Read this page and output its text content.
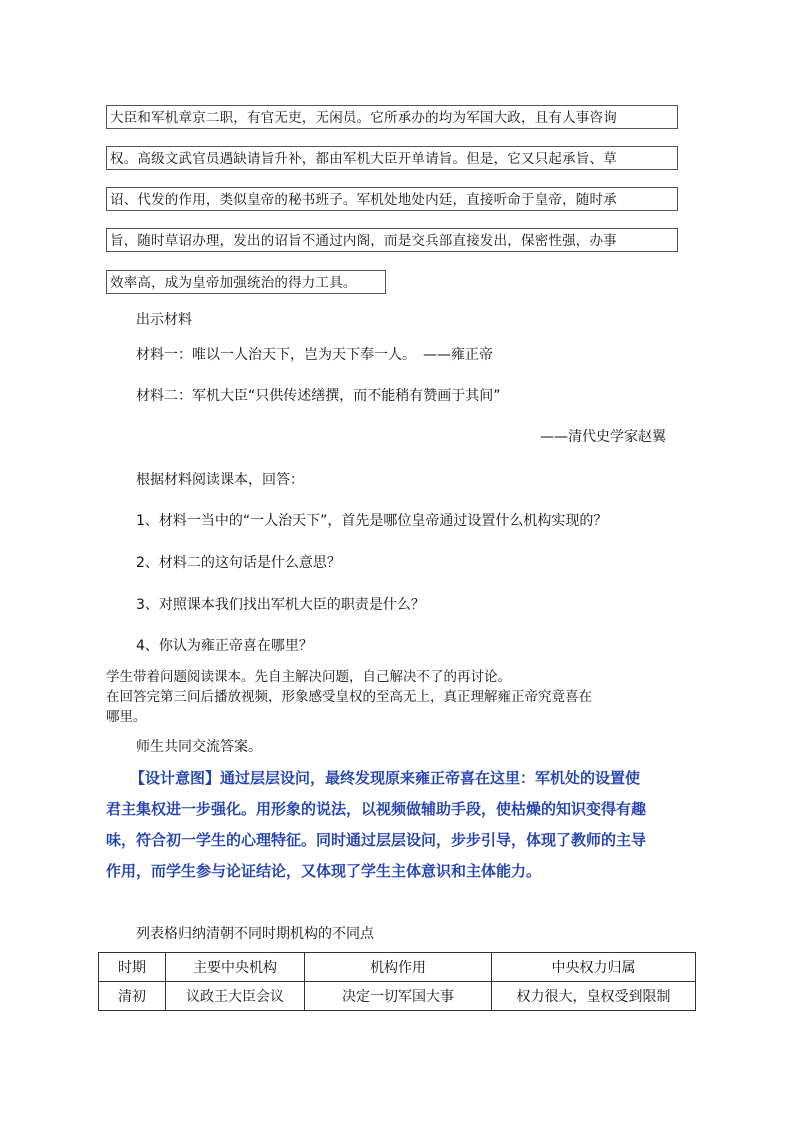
大臣和军机章京二职，有官无吏，无闲员。它所承办的均为军国大政，且有人事咨询
权。高级文武官员遇缺请旨升补，都由军机大臣开单请旨。但是，它又只起承旨、草
诏、代发的作用，类似皇帝的秘书班子。军机处地处内廷，直接听命于皇帝，随时承
旨，随时草诏办理，发出的诏旨不通过内阁，而是交兵部直接发出，保密性强，办事
效率高，成为皇帝加强统治的得力工具。
出示材料
材料一：唯以一人治天下，岂为天下奉一人。　——雍正帝
材料二：军机大臣“只供传述缮撰，而不能稍有赞画于其间”
——清代史学家赵翼
根据材料阅读课本，回答：
1、材料一当中的“一人治天下”，首先是哪位皇帝通过设置什么机构实现的？
2、材料二的这句话是什么意思？
3、对照课本我们找出军机大臣的职责是什么？
4、你认为雍正帝喜在哪里？
学生带着问题阅读课本。先自主解决问题，自己解决不了的再讨论。
在回答完第三问后播放视频，形象感受皇权的至高无上，真正理解雍正帝究竟喜在
哪里。
师生共同交流答案。
【设计意图】通过层层设问，最终发现原来雍正帝喜在这里：军机处的设置使
君主集权进一步强化。用形象的说法，以视频做辅助手段，使枯燥的知识变得有趣
味，符合初一学生的心理特征。同时通过层层设问，步步引导，体现了教师的主导
作用，而学生参与论证结论，又体现了学生主体意识和主体能力。
列表格归纳清朝不同时期机构的不同点
时期	主要中央机构	机构作用	中央权力归属
清初	议政王大臣会议	决定一切军国大事	权力很大，皇权受到限制
